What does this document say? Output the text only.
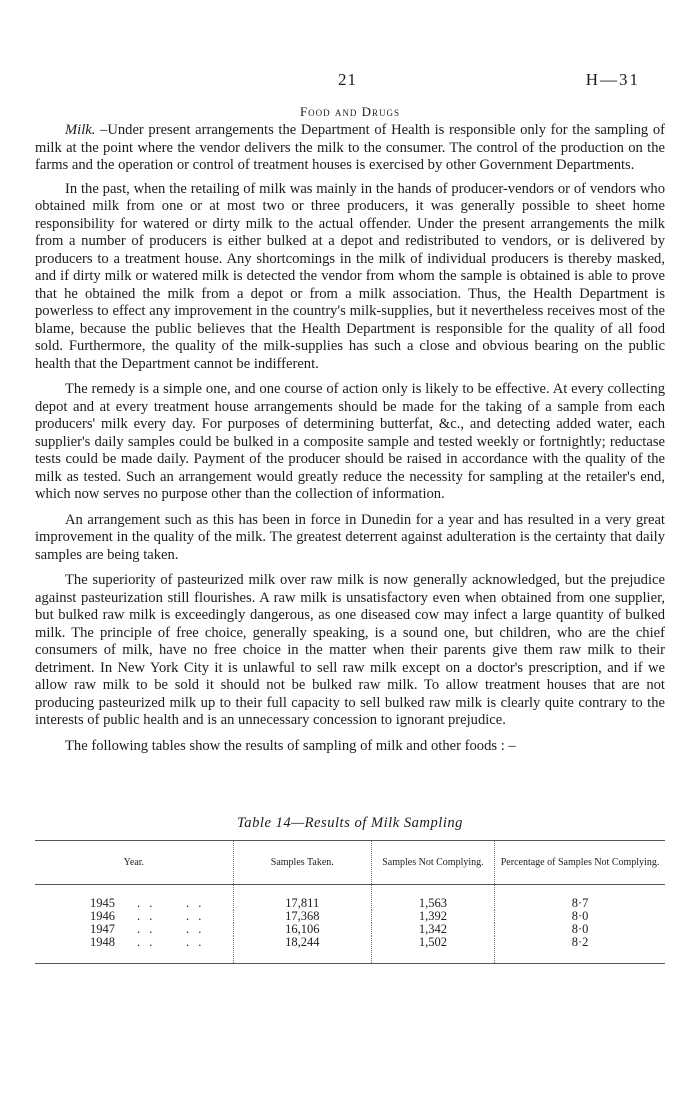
21	H—31
Food and Drugs

Milk. –Under present arrangements the Department of Health is responsible only for the sampling of milk at the point where the vendor delivers the milk to the consumer. The control of the production on the farms and the operation or control of treatment houses is exercised by other Government Departments.

In the past, when the retailing of milk was mainly in the hands of producer-vendors or of vendors who obtained milk from one or at most two or three producers, it was generally possible to sheet home responsibility for watered or dirty milk to the actual offender. Under the present arrangements the milk from a number of producers is either bulked at a depot and redistributed to vendors, or is delivered by producers to a treatment house. Any shortcomings in the milk of individual producers is thereby masked, and if dirty milk or watered milk is detected the vendor from whom the sample is obtained is able to prove that he obtained the milk from a depot or from a milk association. Thus, the Health Department is powerless to effect any improvement in the country's milk-supplies, but it nevertheless receives most of the blame, because the public believes that the Health Department is responsible for the quality of all food sold. Furthermore, the quality of the milk-supplies has such a close and obvious bearing on the public health that the Department cannot be indifferent.

The remedy is a simple one, and one course of action only is likely to be effective. At every collecting depot and at every treatment house arrangements should be made for the taking of a sample from each producers' milk every day. For purposes of determining butterfat, &c., and detecting added water, each supplier's daily samples could be bulked in a composite sample and tested weekly or fortnightly; reductase tests could be made daily. Payment of the producer should be raised in accordance with the quality of the milk as tested. Such an arrangement would greatly reduce the necessity for sampling at the retailer's end, which now serves no purpose other than the collection of information.

An arrangement such as this has been in force in Dunedin for a year and has resulted in a very great improvement in the quality of the milk. The greatest deterrent against adulteration is the certainty that daily samples are being taken.

The superiority of pasteurized milk over raw milk is now generally acknowledged, but the prejudice against pasteurization still flourishes. A raw milk is unsatisfactory even when obtained from one supplier, but bulked raw milk is exceedingly dangerous, as one diseased cow may infect a large quantity of bulked milk. The principle of free choice, generally speaking, is a sound one, but children, who are the chief consumers of milk, have no free choice in the matter when their parents give them raw milk to their detriment. In New York City it is unlawful to sell raw milk except on a doctor's prescription, and if we allow raw milk to be sold it should not be bulked raw milk. To allow treatment houses that are not producing pasteurized milk up to their full capacity to sell bulked raw milk is clearly quite contrary to the interests of public health and is an unnecessary concession to ignorant prejudice.

The following tables show the results of sampling of milk and other foods : –

Table 14—Results of Milk Sampling
Year.	Samples Taken.	Samples Not Complying.	Percentage of Samples Not Complying.
1945 . .     . .	17,811	1,563	8·7
1946 . .     . .	17,368	1,392	8·0
1947 . .     . .	16,106	1,342	8·0
1948 . .     . .	18,244	1,502	8·2
